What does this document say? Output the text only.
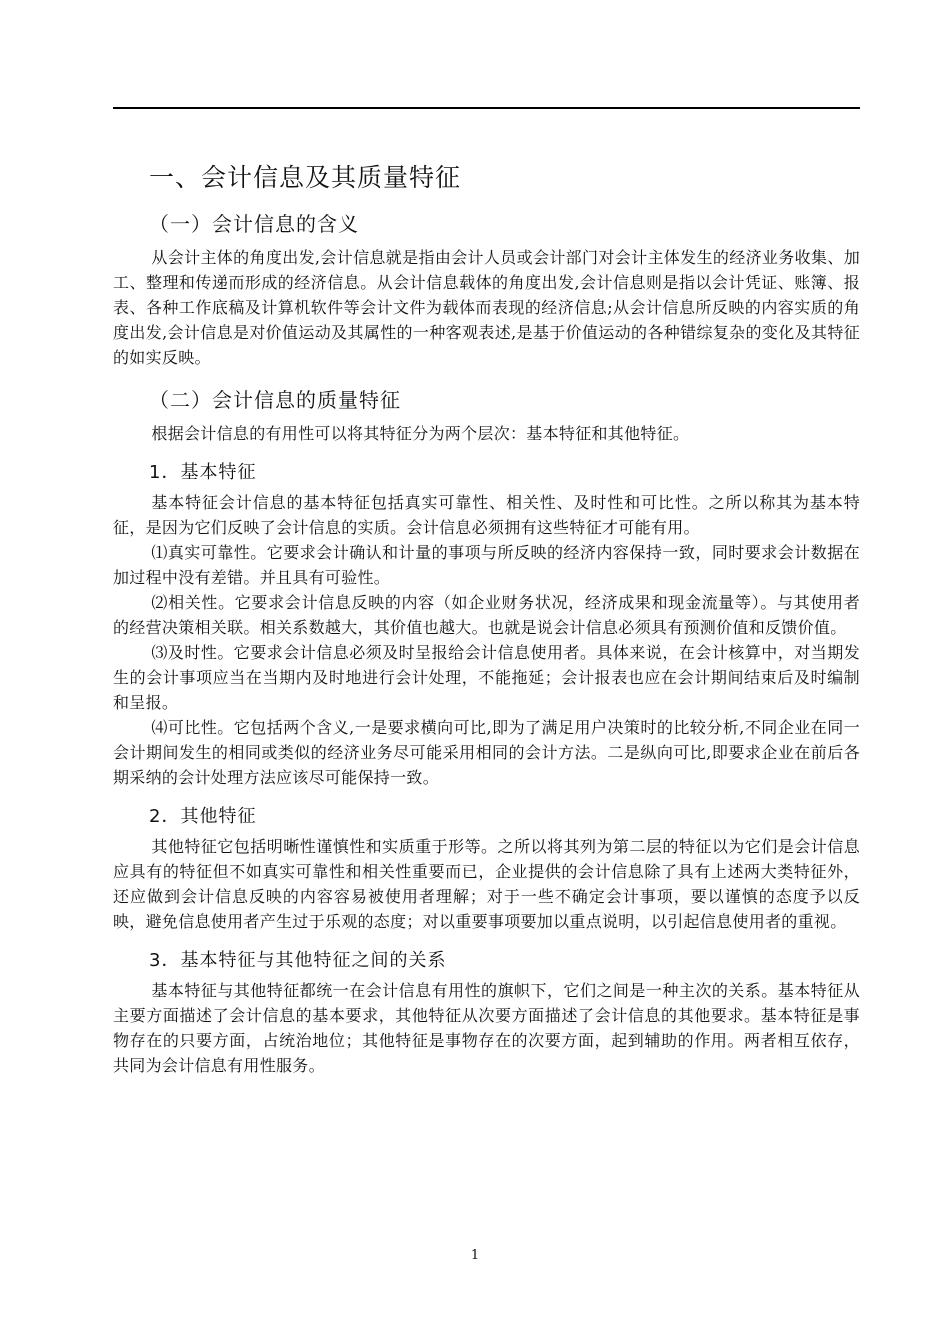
一、会计信息及其质量特征
（一）会计信息的含义

从会计主体的角度出发,会计信息就是指由会计人员或会计部门对会计主体发生的经济业务收集、加工、整理和传递而形成的经济信息。从会计信息载体的角度出发,会计信息则是指以会计凭证、账簿、报表、各种工作底稿及计算机软件等会计文件为载体而表现的经济信息;从会计信息所反映的内容实质的角度出发,会计信息是对价值运动及其属性的一种客观表述,是基于价值运动的各种错综复杂的变化及其特征的如实反映。

（二）会计信息的质量特征

根据会计信息的有用性可以将其特征分为两个层次：基本特征和其他特征。

1．基本特征

基本特征会计信息的基本特征包括真实可靠性、相关性、及时性和可比性。之所以称其为基本特征，是因为它们反映了会计信息的实质。会计信息必须拥有这些特征才可能有用。

⑴真实可靠性。它要求会计确认和计量的事项与所反映的经济内容保持一致，同时要求会计数据在加过程中没有差错。并且具有可验性。

⑵相关性。它要求会计信息反映的内容（如企业财务状况，经济成果和现金流量等）。与其使用者的经营决策相关联。相关系数越大，其价值也越大。也就是说会计信息必须具有预测价值和反馈价值。

⑶及时性。它要求会计信息必须及时呈报给会计信息使用者。具体来说，在会计核算中，对当期发生的会计事项应当在当期内及时地进行会计处理，不能拖延；会计报表也应在会计期间结束后及时编制和呈报。

⑷可比性。它包括两个含义,一是要求横向可比,即为了满足用户决策时的比较分析,不同企业在同一会计期间发生的相同或类似的经济业务尽可能采用相同的会计方法。二是纵向可比,即要求企业在前后各期采纳的会计处理方法应该尽可能保持一致。

2．其他特征

其他特征它包括明晰性谨慎性和实质重于形等。之所以将其列为第二层的特征以为它们是会计信息应具有的特征但不如真实可靠性和相关性重要而已，企业提供的会计信息除了具有上述两大类特征外，还应做到会计信息反映的内容容易被使用者理解；对于一些不确定会计事项，要以谨慎的态度予以反映，避免信息使用者产生过于乐观的态度；对以重要事项要加以重点说明，以引起信息使用者的重视。

3．基本特征与其他特征之间的关系

基本特征与其他特征都统一在会计信息有用性的旗帜下，它们之间是一种主次的关系。基本特征从主要方面描述了会计信息的基本要求，其他特征从次要方面描述了会计信息的其他要求。基本特征是事物存在的只要方面，占统治地位；其他特征是事物存在的次要方面，起到辅助的作用。两者相互依存，共同为会计信息有用性服务。

1
